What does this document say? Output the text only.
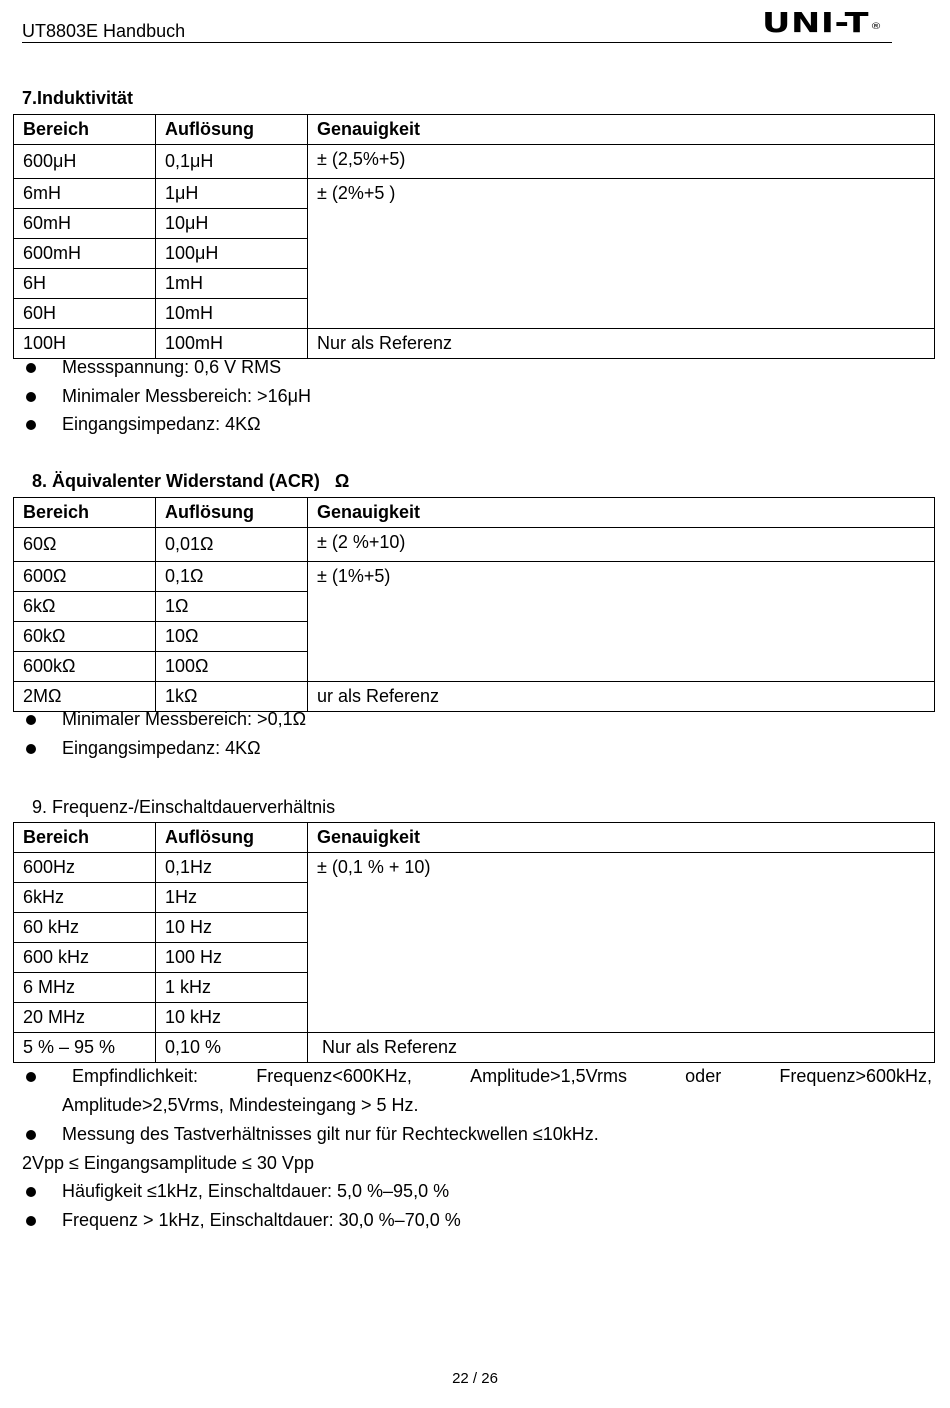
UT8803E Handbuch	UNI-T®
7.Induktivität
Bereich	Auflösung	Genauigkeit
600μH	0,1μH	± (2,5%+5)
6mH	1μH	± (2%+5 )
60mH	10μH	
600mH	100μH	
6H	1mH	
60H	10mH	
100H	100mH	Nur als Referenz
Messspannung: 0,6 V RMS
Minimaler Messbereich: >16μH
Eingangsimpedanz: 4KΩ
8. Äquivalenter Widerstand (ACR)   Ω
Bereich	Auflösung	Genauigkeit
60Ω	0,01Ω	± (2 %+10)
600Ω	0,1Ω	± (1%+5)
6kΩ	1Ω	
60kΩ	10Ω	
600kΩ	100Ω	
2MΩ	1kΩ	ur als Referenz
Minimaler Messbereich: >0,1Ω
Eingangsimpedanz: 4KΩ
9. Frequenz-/Einschaltdauerverhältnis
Bereich	Auflösung	Genauigkeit
600Hz	0,1Hz	± (0,1 % + 10)
6kHz	1Hz	
60 kHz	10 Hz	
600 kHz	100 Hz	
6 MHz	1 kHz	
20 MHz	10 kHz	
5 % – 95 %	0,10 %	Nur als Referenz
Empfindlichkeit:	Frequenz<600KHz,	Amplitude>1,5Vrms	oder	Frequenz>600kHz,
Amplitude>2,5Vrms, Mindesteingang > 5 Hz.
Messung des Tastverhältnisses gilt nur für Rechteckwellen ≤10kHz.
2Vpp ≤ Eingangsamplitude ≤ 30 Vpp
Häufigkeit ≤1kHz, Einschaltdauer: 5,0 %–95,0 %
Frequenz > 1kHz, Einschaltdauer: 30,0 %–70,0 %
22 / 26
